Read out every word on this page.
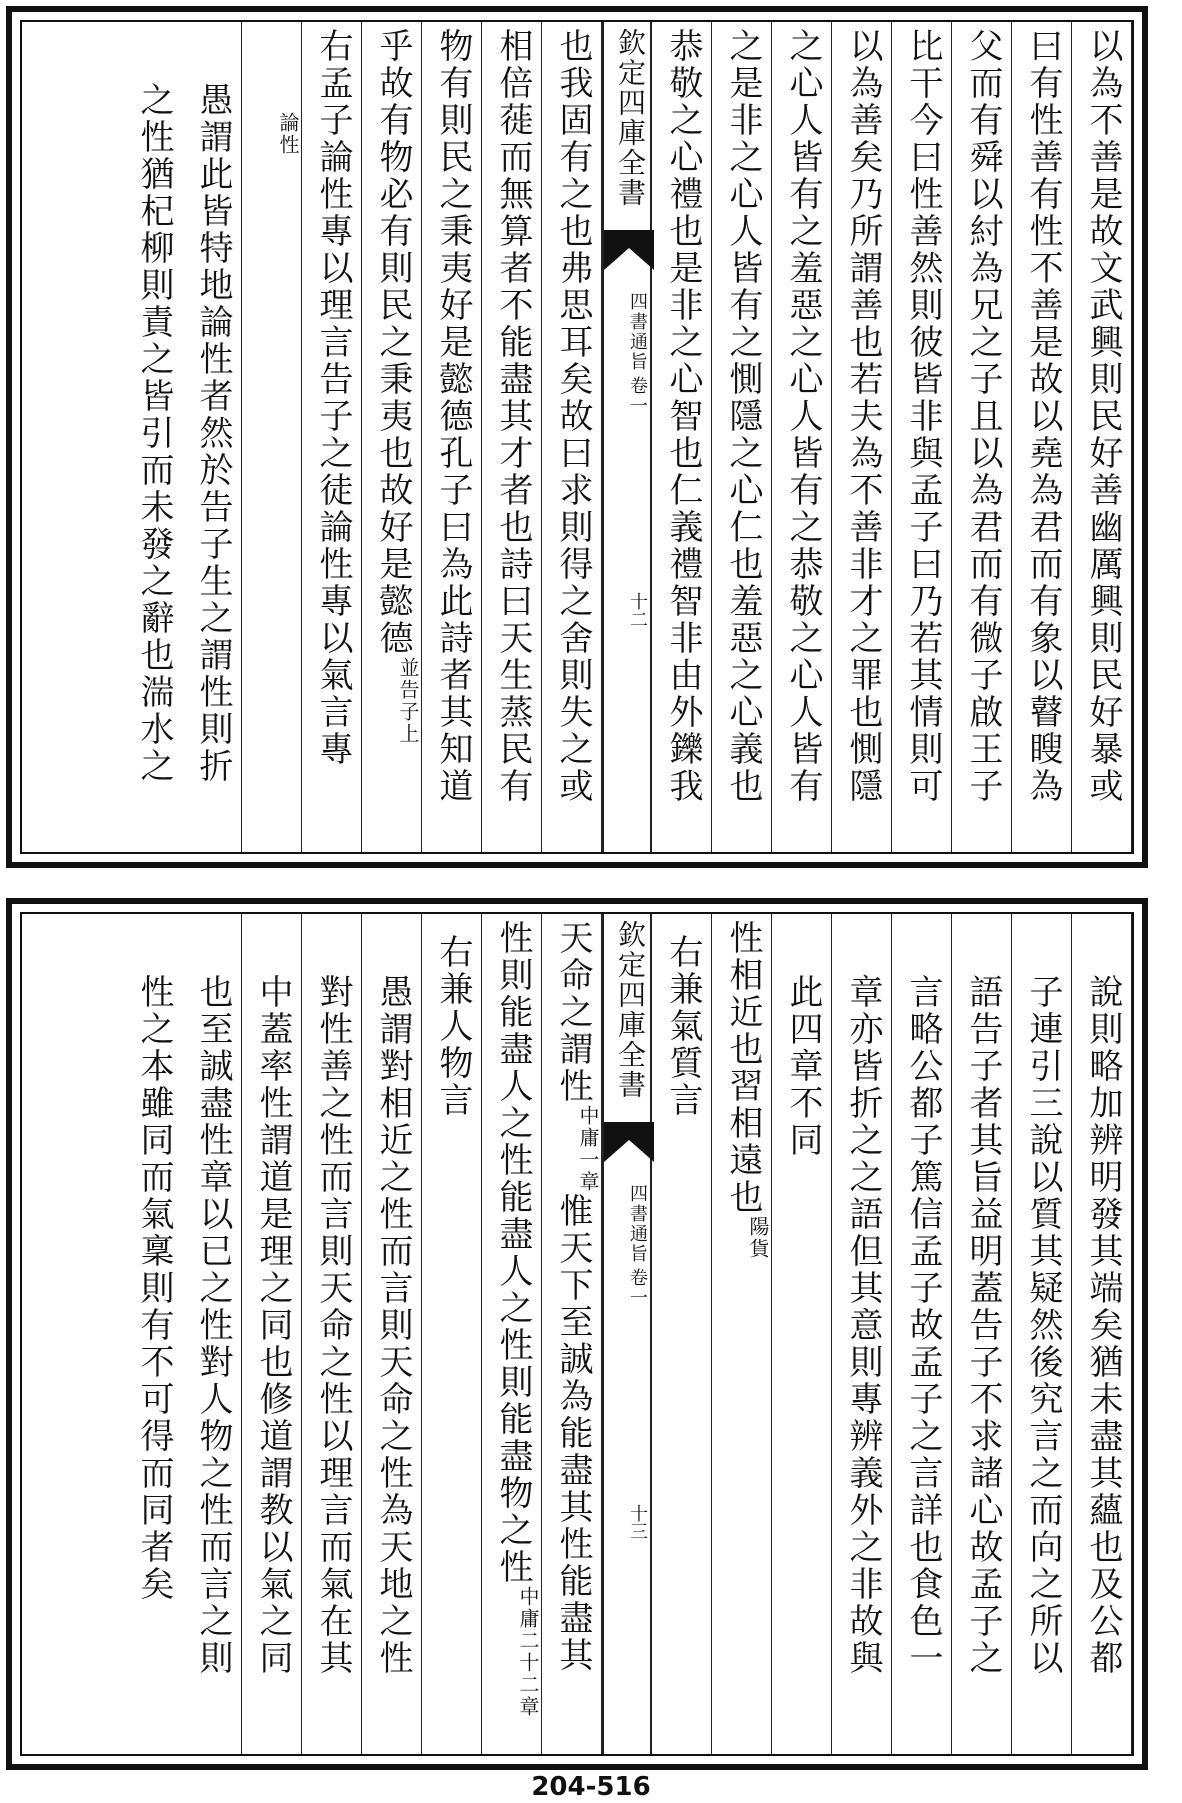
以為不善是故文武興則民好善幽厲興則民好暴或
曰有性善有性不善是故以堯為君而有象以瞽瞍為
父而有舜以紂為兄之子且以為君而有微子啟王子
比干今曰性善然則彼皆非與孟子曰乃若其情則可
以為善矣乃所謂善也若夫為不善非才之罪也惻隱
之心人皆有之羞惡之心人皆有之恭敬之心人皆有
之是非之心人皆有之惻隱之心仁也羞惡之心義也
恭敬之心禮也是非之心智也仁義禮智非由外鑠我
欽定四庫全書
四書通旨
卷一
十二
也我固有之也弗思耳矣故曰求則得之舍則失之或
相倍蓰而無算者不能盡其才者也詩曰天生蒸民有
物有則民之秉夷好是懿德孔子曰為此詩者其知道
乎故有物必有則民之秉夷也故好是懿德
並告子上
右孟子論性專以理言告子之徒論性專以氣言專
論性
愚謂此皆特地論性者然於告子生之謂性則折
之性猶杞柳則責之皆引而未發之辭也湍水之
說則略加辨明發其端矣猶未盡其蘊也及公都
子連引三說以質其疑然後究言之而向之所以
語告子者其旨益明蓋告子不求諸心故孟子之
言略公都子篤信孟子故孟子之言詳也食色一
章亦皆折之之語但其意則專辨義外之非故與
此四章不同
性相近也習相遠也
陽貨
右兼氣質言
欽定四庫全書
四書通旨
卷一
十三
天命之謂性
中庸一章
惟天下至誠為能盡其性能盡其
性則能盡人之性能盡人之性則能盡物之性
中庸二十二章
右兼人物言
愚謂對相近之性而言則天命之性為天地之性
對性善之性而言則天命之性以理言而氣在其
中蓋率性謂道是理之同也修道謂教以氣之同
也至誠盡性章以已之性對人物之性而言之則
性之本雖同而氣稟則有不可得而同者矣
204-516
